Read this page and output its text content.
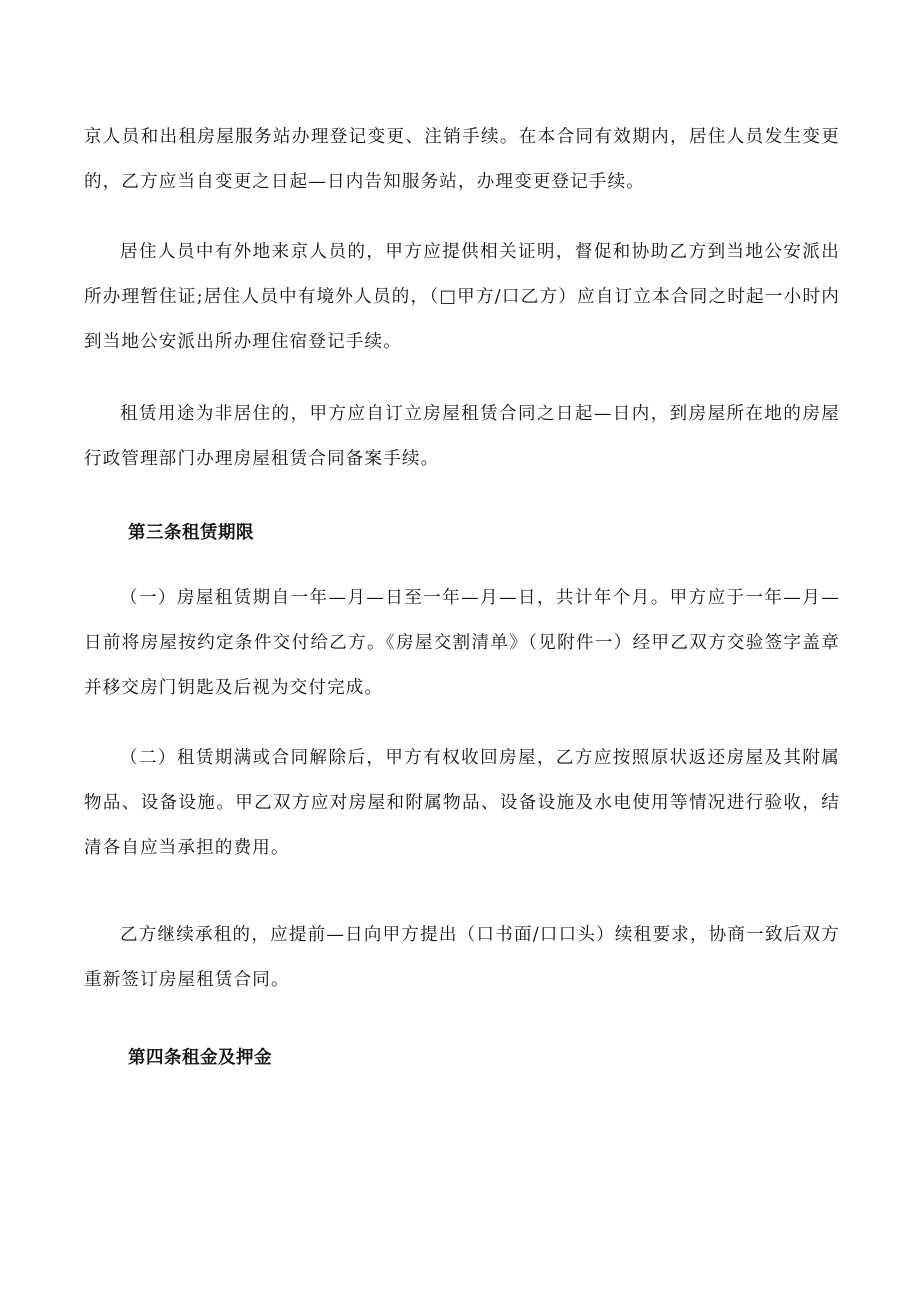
京人员和出租房屋服务站办理登记变更、注销手续。在本合同有效期内，居住人员发生变更的，乙方应当自变更之日起—日内告知服务站，办理变更登记手续。

居住人员中有外地来京人员的，甲方应提供相关证明，督促和协助乙方到当地公安派出所办理暂住证;居住人员中有境外人员的，（□甲方/口乙方）应自订立本合同之时起一小时内到当地公安派出所办理住宿登记手续。

租赁用途为非居住的，甲方应自订立房屋租赁合同之日起—日内，到房屋所在地的房屋行政管理部门办理房屋租赁合同备案手续。

第三条租赁期限

（一）房屋租赁期自一年—月—日至一年—月—日，共计年个月。甲方应于一年—月—日前将房屋按约定条件交付给乙方。《房屋交割清单》（见附件一）经甲乙双方交验签字盖章并移交房门钥匙及后视为交付完成。

（二）租赁期满或合同解除后，甲方有权收回房屋，乙方应按照原状返还房屋及其附属物品、设备设施。甲乙双方应对房屋和附属物品、设备设施及水电使用等情况进行验收，结清各自应当承担的费用。

乙方继续承租的，应提前—日向甲方提出（口书面/口口头）续租要求，协商一致后双方重新签订房屋租赁合同。

第四条租金及押金
